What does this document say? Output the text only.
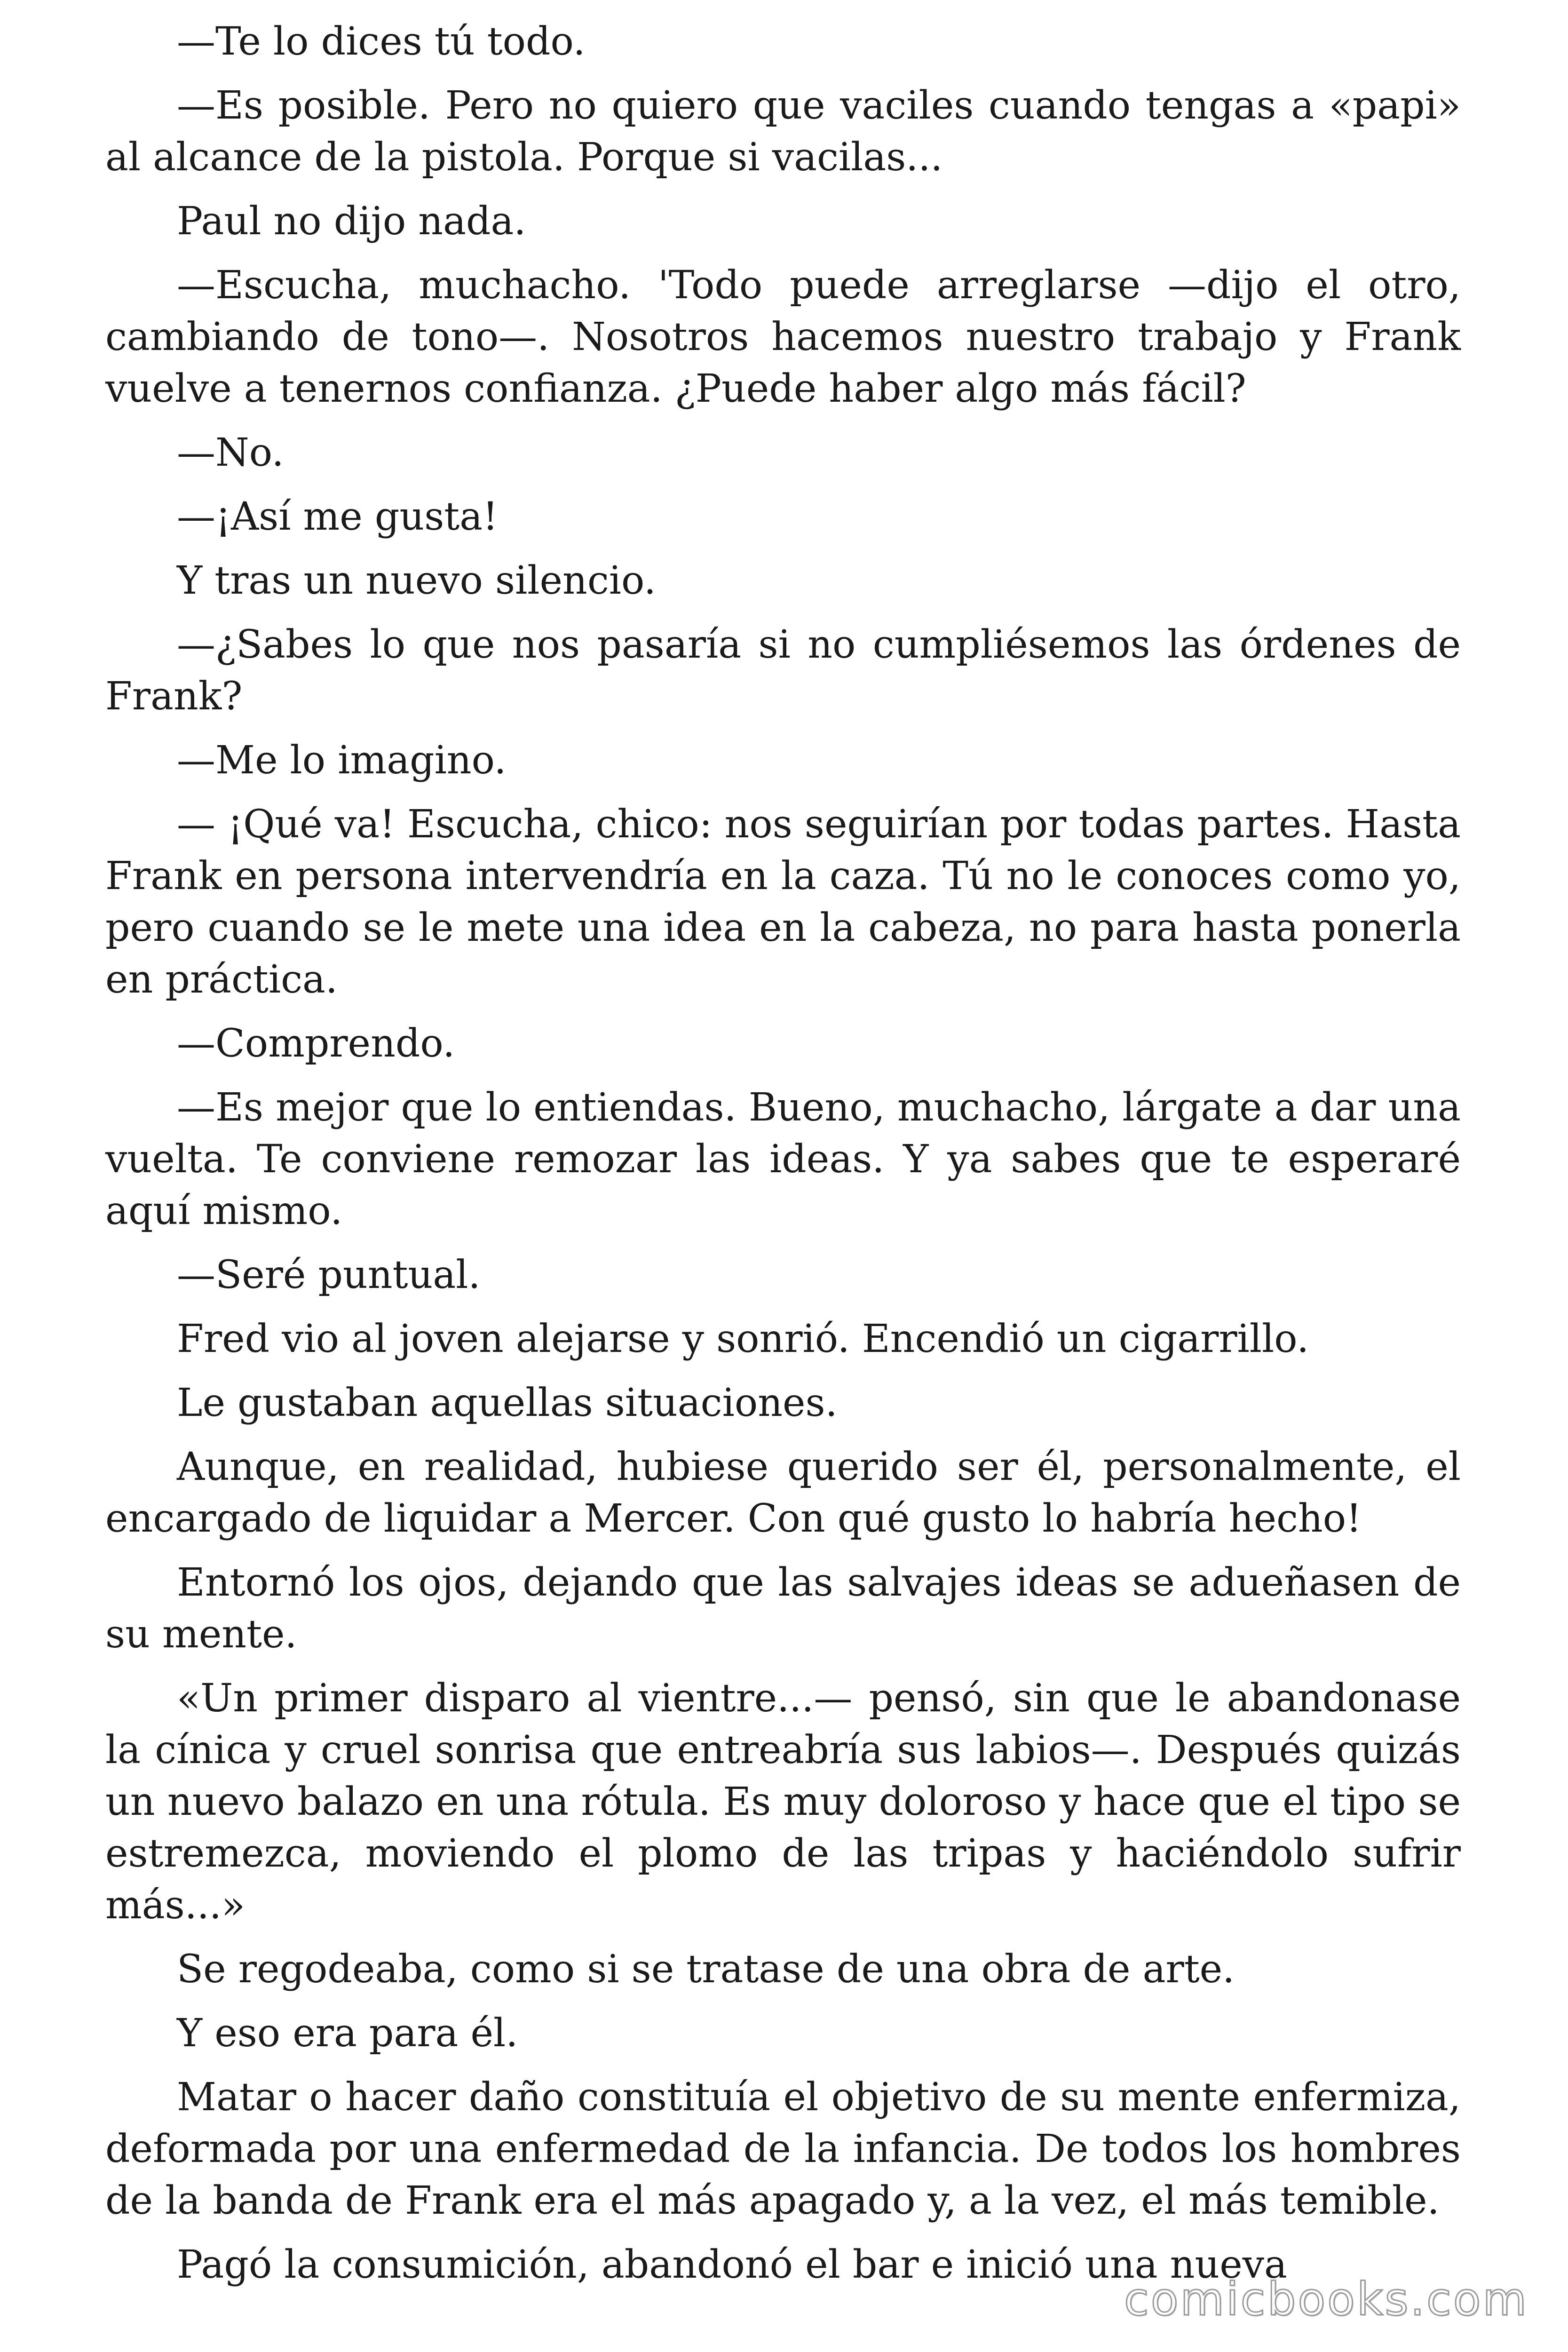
—Te lo dices tú todo.

—Es posible. Pero no quiero que vaciles cuando tengas a «papi» al alcance de la pistola. Porque si vacilas...

Paul no dijo nada.

—Escucha, muchacho. 'Todo puede arreglarse —dijo el otro, cambiando de tono—. Nosotros hacemos nuestro trabajo y Frank vuelve a tenernos confianza. ¿Puede haber algo más fácil?

—No.

—¡Así me gusta!

Y tras un nuevo silencio.

—¿Sabes lo que nos pasaría si no cumpliésemos las órdenes de Frank?

—Me lo imagino.

— ¡Qué va! Escucha, chico: nos seguirían por todas partes. Hasta Frank en persona intervendría en la caza. Tú no le conoces como yo, pero cuando se le mete una idea en la cabeza, no para hasta ponerla en práctica.

—Comprendo.

—Es mejor que lo entiendas. Bueno, muchacho, lárgate a dar una vuelta. Te conviene remozar las ideas. Y ya sabes que te esperaré aquí mismo.

—Seré puntual.

Fred vio al joven alejarse y sonrió. Encendió un cigarrillo.

Le gustaban aquellas situaciones.

Aunque, en realidad, hubiese querido ser él, personalmente, el encargado de liquidar a Mercer. Con qué gusto lo habría hecho!

Entornó los ojos, dejando que las salvajes ideas se adueñasen de su mente.

«Un primer disparo al vientre...— pensó, sin que le abandonase la cínica y cruel sonrisa que entreabría sus labios—. Después quizás un nuevo balazo en una rótula. Es muy doloroso y hace que el tipo se estremezca, moviendo el plomo de las tripas y haciéndolo sufrir más...»

Se regodeaba, como si se tratase de una obra de arte.

Y eso era para él.

Matar o hacer daño constituía el objetivo de su mente enfermiza, deformada por una enfermedad de la infancia. De todos los hombres de la banda de Frank era el más apagado y, a la vez, el más temible.

Pagó la consumición, abandonó el bar e inició una nueva

comicbooks.com
